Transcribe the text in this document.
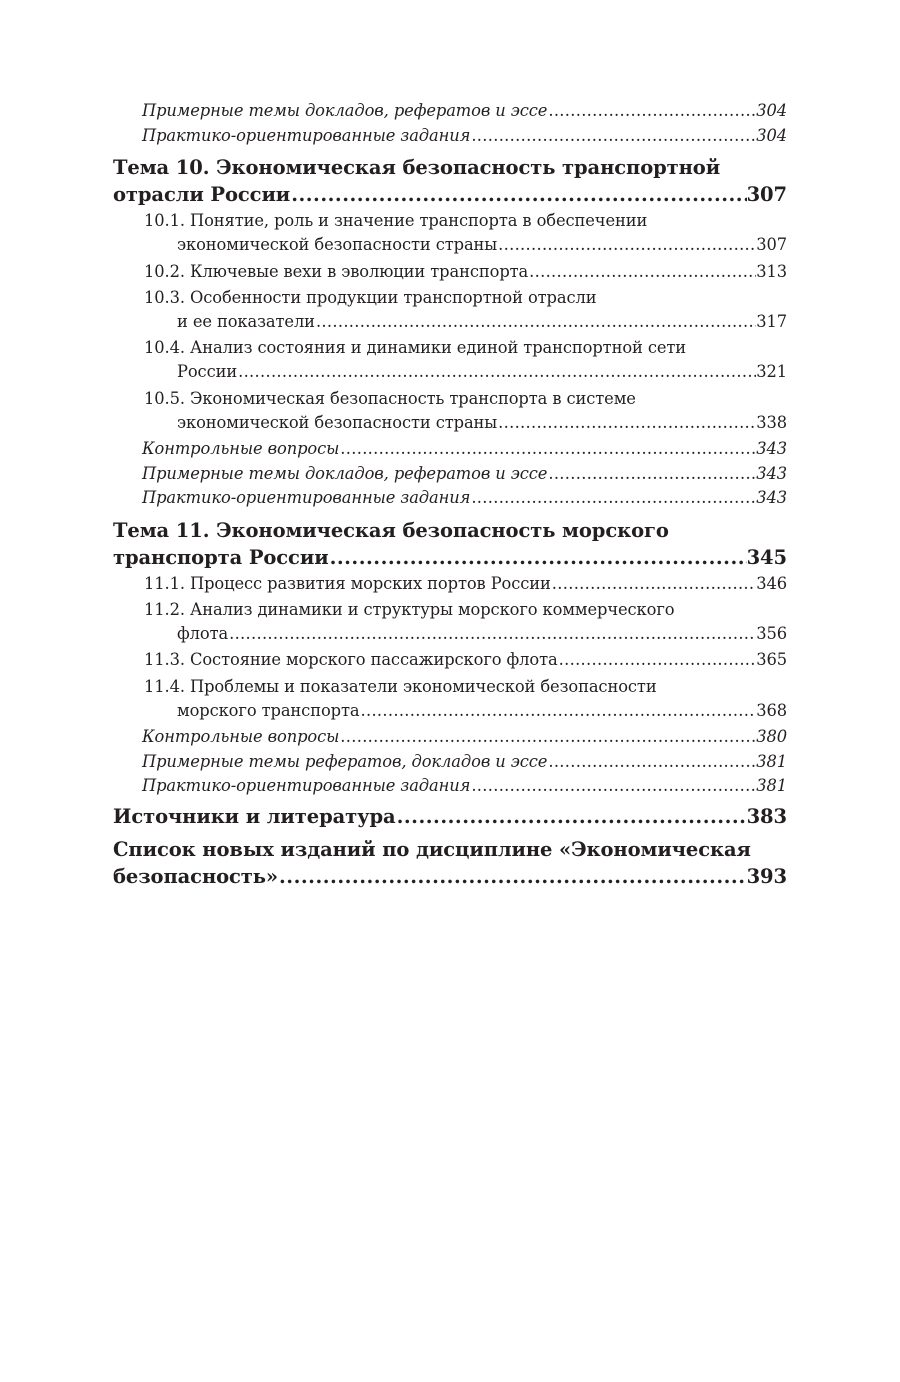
Примерные темы докладов, рефератов и эссе .....	304
Практико-ориентированные задания .....	304
Тема 10. Экономическая безопасность транспортной
отрасли России .....	307
10.1. Понятие, роль и значение транспорта в обеспечении
экономической безопасности страны .....	307
10.2. Ключевые вехи в эволюции транспорта .....	313
10.3. Особенности продукции транспортной отрасли
и ее показатели .....	317
10.4. Анализ состояния и динамики единой транспортной сети
России .....	321
10.5. Экономическая безопасность транспорта в системе
экономической безопасности страны .....	338
Контрольные вопросы .....	343
Примерные темы докладов, рефератов и эссе .....	343
Практико-ориентированные задания .....	343
Тема 11. Экономическая безопасность морского
транспорта России .....	345
11.1. Процесс развития морских портов России .....	346
11.2. Анализ динамики и структуры морского коммерческого
флота .....	356
11.3. Состояние морского пассажирского флота .....	365
11.4. Проблемы и показатели экономической безопасности
морского транспорта .....	368
Контрольные вопросы .....	380
Примерные темы рефератов, докладов и эссе .....	381
Практико-ориентированные задания .....	381
Источники и литература .....	383
Список новых изданий по дисциплине «Экономическая
безопасность» .....	393
